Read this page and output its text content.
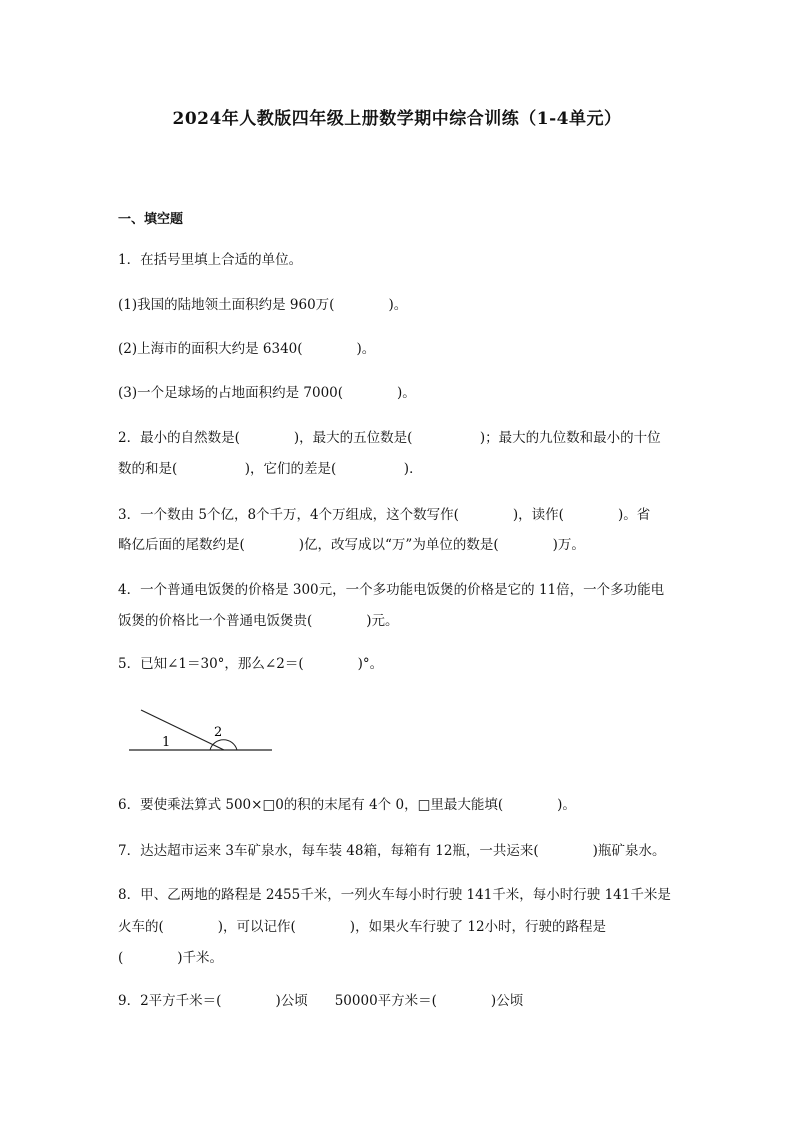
2024年人教版四年级上册数学期中综合训练（1-4单元）
一、填空题
1．在括号里填上合适的单位。
(1)我国的陆地领土面积约是 960万(　　　　)。
(2)上海市的面积大约是 6340(　　　　)。
(3)一个足球场的占地面积约是 7000(　　　　)。
2．最小的自然数是(　　　　)，最大的五位数是(　　　　　)；最大的九位数和最小的十位
数的和是(　　　　　)，它们的差是(　　　　　)．
3．一个数由 5个亿，8个千万，4个万组成，这个数写作(　　　　)，读作(　　　　)。省
略亿后面的尾数约是(　　　　)亿，改写成以“万”为单位的数是(　　　　)万。
4．一个普通电饭煲的价格是 300元，一个多功能电饭煲的价格是它的 11倍，一个多功能电
饭煲的价格比一个普通电饭煲贵(　　　　)元。
5．已知∠1＝30°，那么∠2＝(　　　　)°。
1
2
6．要使乘法算式 500×□0的积的末尾有 4个 0，□里最大能填(　　　　)。
7．达达超市运来 3车矿泉水，每车装 48箱，每箱有 12瓶，一共运来(　　　　)瓶矿泉水。
8．甲、乙两地的路程是 2455千米，一列火车每小时行驶 141千米，每小时行驶 141千米是
火车的(　　　　)，可以记作(　　　　)，如果火车行驶了 12小时，行驶的路程是
(　　　　)千米。
9．2平方千米＝(　　　　)公顷　　50000平方米＝(　　　　)公顷
